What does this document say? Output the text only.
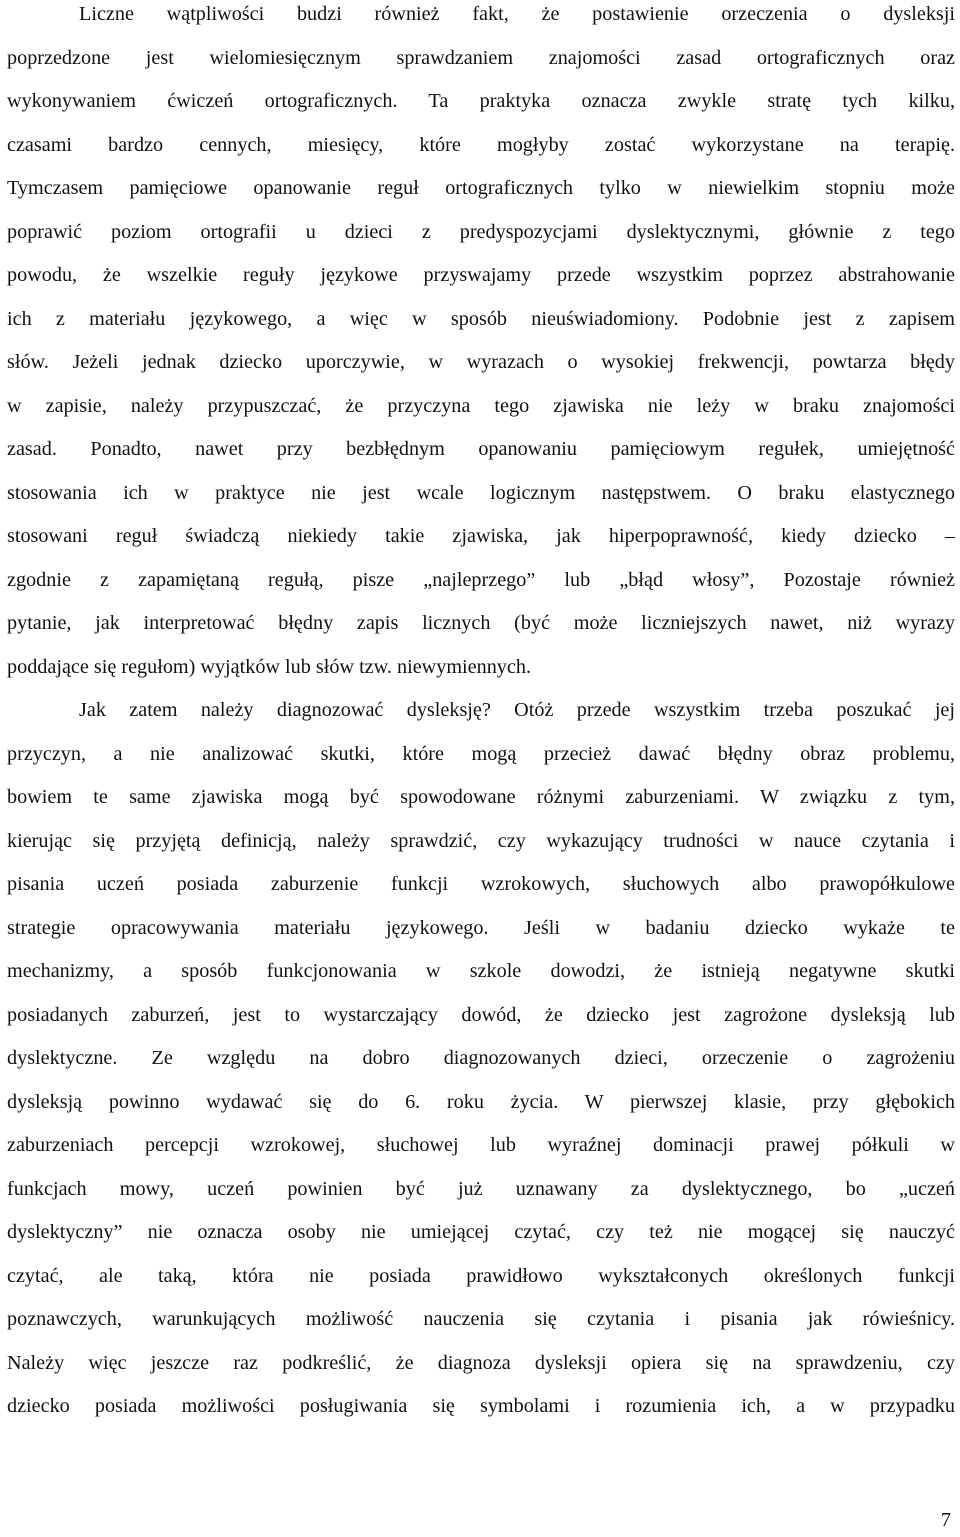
Liczne wątpliwości budzi również fakt, że postawienie orzeczenia o dysleksji
poprzedzone jest wielomiesięcznym sprawdzaniem znajomości zasad ortograficznych oraz
wykonywaniem ćwiczeń ortograficznych. Ta praktyka oznacza zwykle stratę tych kilku,
czasami bardzo cennych, miesięcy, które mogłyby zostać wykorzystane na terapię.
Tymczasem pamięciowe opanowanie reguł ortograficznych tylko w niewielkim stopniu może
poprawić poziom ortografii u dzieci z predyspozycjami dyslektycznymi, głównie z tego
powodu, że wszelkie reguły językowe przyswajamy przede wszystkim poprzez abstrahowanie
ich z materiału językowego, a więc w sposób nieuświadomiony. Podobnie jest z zapisem
słów. Jeżeli jednak dziecko uporczywie, w wyrazach o wysokiej frekwencji, powtarza błędy
w zapisie, należy przypuszczać, że przyczyna tego zjawiska nie leży w braku znajomości
zasad. Ponadto, nawet przy bezbłędnym opanowaniu pamięciowym regułek, umiejętność
stosowania ich w praktyce nie jest wcale logicznym następstwem. O braku elastycznego
stosowani reguł świadczą niekiedy takie zjawiska, jak hiperpoprawność, kiedy dziecko –
zgodnie z zapamiętaną regułą, pisze „najleprzego” lub „błąd włosy”, Pozostaje również
pytanie, jak interpretować błędny zapis licznych (być może liczniejszych nawet, niż wyrazy
poddające się regułom) wyjątków lub słów tzw. niewymiennych.
Jak zatem należy diagnozować dysleksję? Otóż przede wszystkim trzeba poszukać jej
przyczyn, a nie analizować skutki, które mogą przecież dawać błędny obraz problemu,
bowiem te same zjawiska mogą być spowodowane różnymi zaburzeniami. W związku z tym,
kierując się przyjętą definicją, należy sprawdzić, czy wykazujący trudności w nauce czytania i
pisania uczeń posiada zaburzenie funkcji wzrokowych, słuchowych albo prawopółkulowe
strategie opracowywania materiału językowego. Jeśli w badaniu dziecko wykaże te
mechanizmy, a sposób funkcjonowania w szkole dowodzi, że istnieją negatywne skutki
posiadanych zaburzeń, jest to wystarczający dowód, że dziecko jest zagrożone dysleksją lub
dyslektyczne. Ze względu na dobro diagnozowanych dzieci, orzeczenie o zagrożeniu
dysleksją powinno wydawać się do 6. roku życia. W pierwszej klasie, przy głębokich
zaburzeniach percepcji wzrokowej, słuchowej lub wyraźnej dominacji prawej półkuli w
funkcjach mowy, uczeń powinien być już uznawany za dyslektycznego, bo „uczeń
dyslektyczny” nie oznacza osoby nie umiejącej czytać, czy też nie mogącej się nauczyć
czytać, ale taką, która nie posiada prawidłowo wykształconych określonych funkcji
poznawczych, warunkujących możliwość nauczenia się czytania i pisania jak rówieśnicy.
Należy więc jeszcze raz podkreślić, że diagnoza dysleksji opiera się na sprawdzeniu, czy
dziecko posiada możliwości posługiwania się symbolami i rozumienia ich, a w przypadku
7
